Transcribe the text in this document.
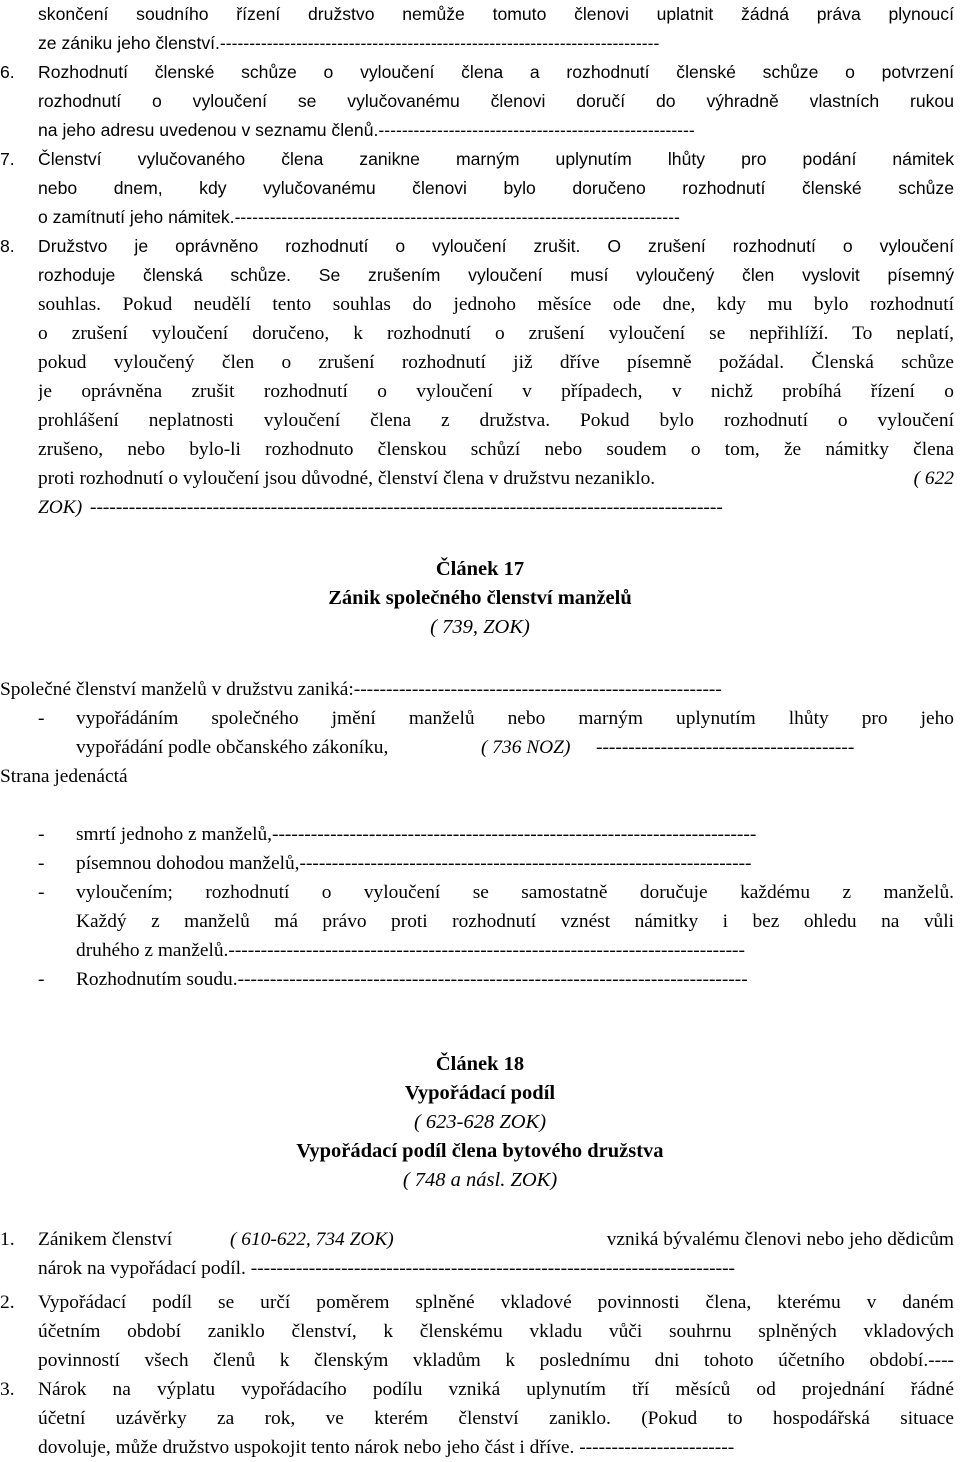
skončení soudního řízení družstvo nemůže tomuto členovi uplatnit žádná práva plynoucí
ze zániku jeho členství.---------------------------------------------------------------------------
6.	Rozhodnutí členské schůze o vyloučení člena a rozhodnutí členské schůze o potvrzení
rozhodnutí o vyloučení se vylučovanému členovi doručí do výhradně vlastních rukou
na jeho adresu uvedenou v seznamu členů.------------------------------------------------------
7.	Členství vylučovaného člena zanikne marným uplynutím lhůty pro podání námitek
nebo dnem, kdy vylučovanému členovi bylo doručeno rozhodnutí členské schůze
o zamítnutí jeho námitek.----------------------------------------------------------------------------
8.	Družstvo je oprávněno rozhodnutí o vyloučení zrušit. O zrušení rozhodnutí o vyloučení
rozhoduje členská schůze. Se zrušením vyloučení musí vyloučený člen vyslovit písemný
souhlas. Pokud neudělí tento souhlas do jednoho měsíce ode dne, kdy mu bylo rozhodnutí
o zrušení vyloučení doručeno, k rozhodnutí o zrušení vyloučení se nepřihlíží. To neplatí,
pokud vyloučený člen o zrušení rozhodnutí již dříve písemně požádal. Členská schůze
je oprávněna zrušit rozhodnutí o vyloučení v případech, v nichž probíhá řízení o
prohlášení neplatnosti vyloučení člena z družstva. Pokud bylo rozhodnutí o vyloučení
zrušeno, nebo bylo-li rozhodnuto členskou schůzí nebo soudem o tom, že námitky člena
proti rozhodnutí o vyloučení jsou důvodné, členství člena v družstvu nezaniklo.	( 622
ZOK) --------------------------------------------------------------------------------------------------
Článek 17
Zánik společného členství manželů
( 739, ZOK)
Společné členství manželů v družstvu zaniká:---------------------------------------------------------
-	vypořádáním společného jmění manželů nebo marným uplynutím lhůty pro jeho
vypořádání podle občanského zákoníku,	( 736 NOZ)	----------------------------------------
Strana jedenáctá
-	smrtí jednoho z manželů,---------------------------------------------------------------------------
-	písemnou dohodou manželů,----------------------------------------------------------------------
-	vyloučením; rozhodnutí o vyloučení se samostatně doručuje každému z manželů.
Každý z manželů má právo proti rozhodnutí vznést námitky i bez ohledu na vůli
druhého z manželů.--------------------------------------------------------------------------------
-	Rozhodnutím soudu.-------------------------------------------------------------------------------
Článek 18
Vypořádací podíl
( 623-628 ZOK)
Vypořádací podíl člena bytového družstva
( 748 a násl. ZOK)
1.	Zánikem členství	( 610-622, 734 ZOK)	vzniká bývalému členovi nebo jeho dědicům
nárok na vypořádací podíl. ---------------------------------------------------------------------------
2.	Vypořádací podíl se určí poměrem splněné vkladové povinnosti člena, kterému v daném
účetním období zaniklo členství, k členskému vkladu vůči souhrnu splněných vkladových
povinností všech členů k členským vkladům k poslednímu dni tohoto účetního období.----
3.	Nárok na výplatu vypořádacího podílu vzniká uplynutím tří měsíců od projednání řádné
účetní uzávěrky za rok, ve kterém členství zaniklo. (Pokud to hospodářská situace
dovoluje, může družstvo uspokojit tento nárok nebo jeho část i dříve. ------------------------
